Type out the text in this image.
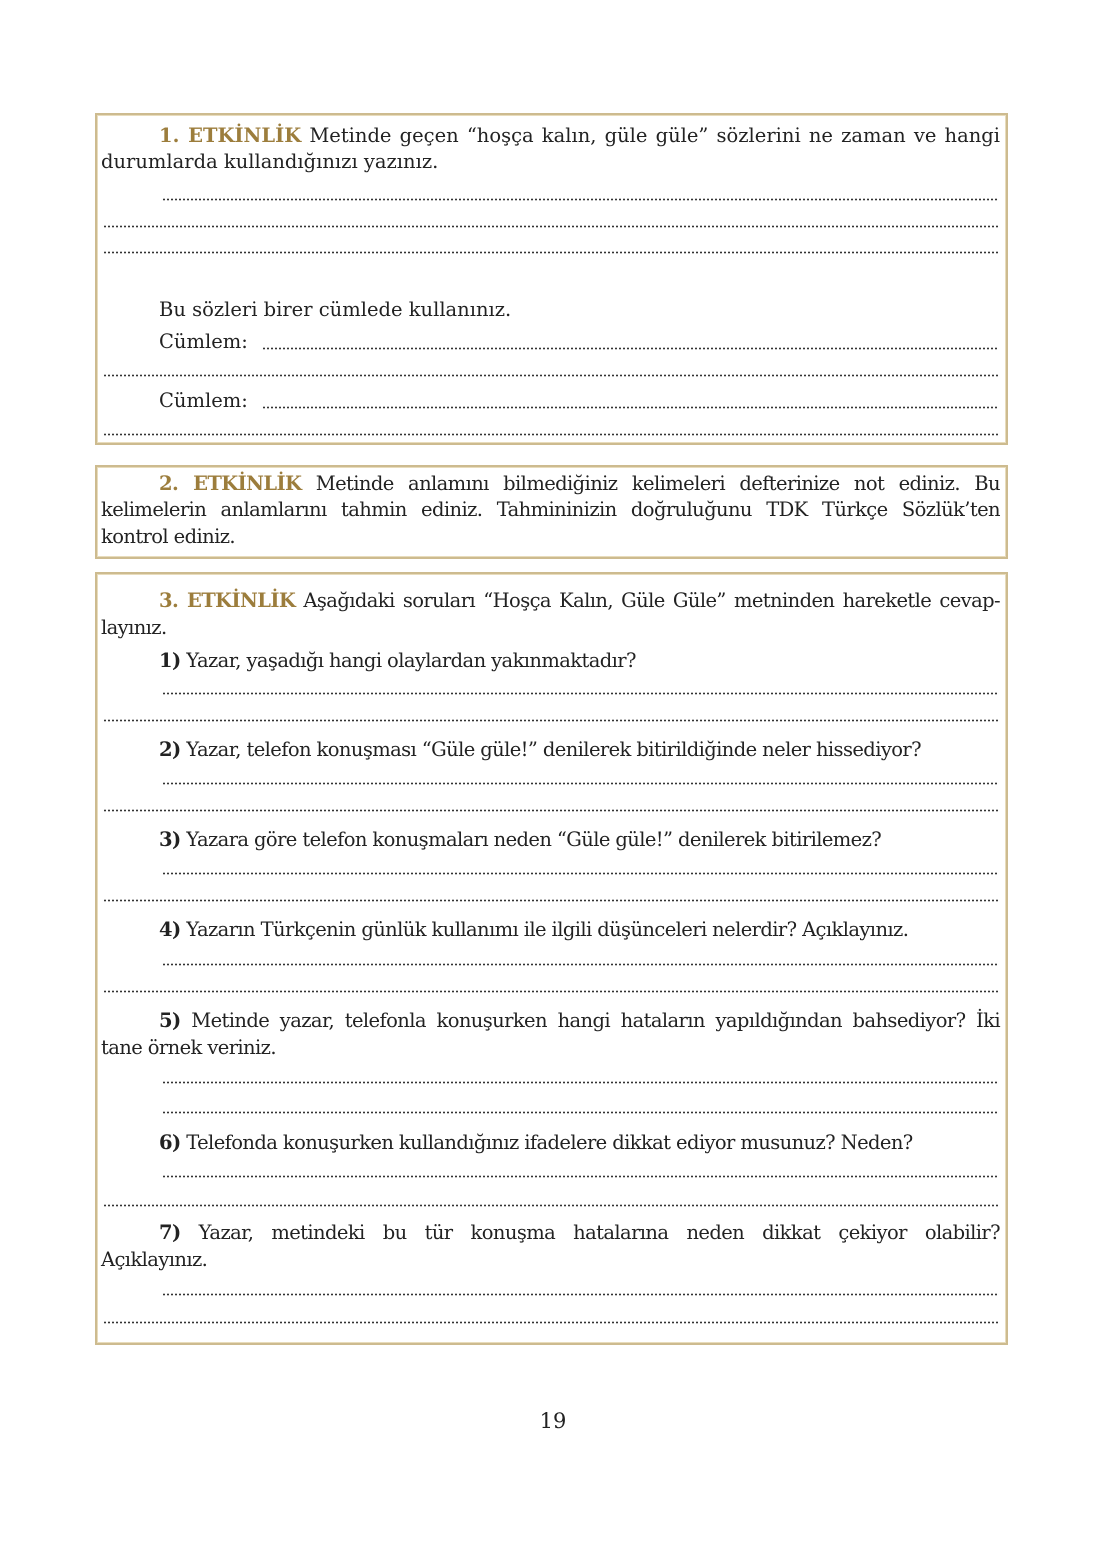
1. ETKİNLİK Metinde geçen “hoşça kalın, güle güle” sözlerini ne zaman ve hangi
durumlarda kullandığınızı yazınız.
Bu sözleri birer cümlede kullanınız.
Cümlem:
Cümlem:
2. ETKİNLİK Metinde anlamını bilmediğiniz kelimeleri defterinize not ediniz. Bu
kelimelerin anlamlarını tahmin ediniz. Tahmininizin doğruluğunu TDK Türkçe Sözlük’ten
kontrol ediniz.
3. ETKİNLİK Aşağıdaki soruları “Hoşça Kalın, Güle Güle” metninden hareketle cevap-
layınız.
1) Yazar, yaşadığı hangi olaylardan yakınmaktadır?
2) Yazar, telefon konuşması “Güle güle!” denilerek bitirildiğinde neler hissediyor?
3) Yazara göre telefon konuşmaları neden “Güle güle!” denilerek bitirilemez?
4) Yazarın Türkçenin günlük kullanımı ile ilgili düşünceleri nelerdir? Açıklayınız.
5) Metinde yazar, telefonla konuşurken hangi hataların yapıldığından bahsediyor? İki
tane örnek veriniz.
6) Telefonda konuşurken kullandığınız ifadelere dikkat ediyor musunuz? Neden?
7) Yazar, metindeki bu tür konuşma hatalarına neden dikkat çekiyor olabilir?
Açıklayınız.
19
